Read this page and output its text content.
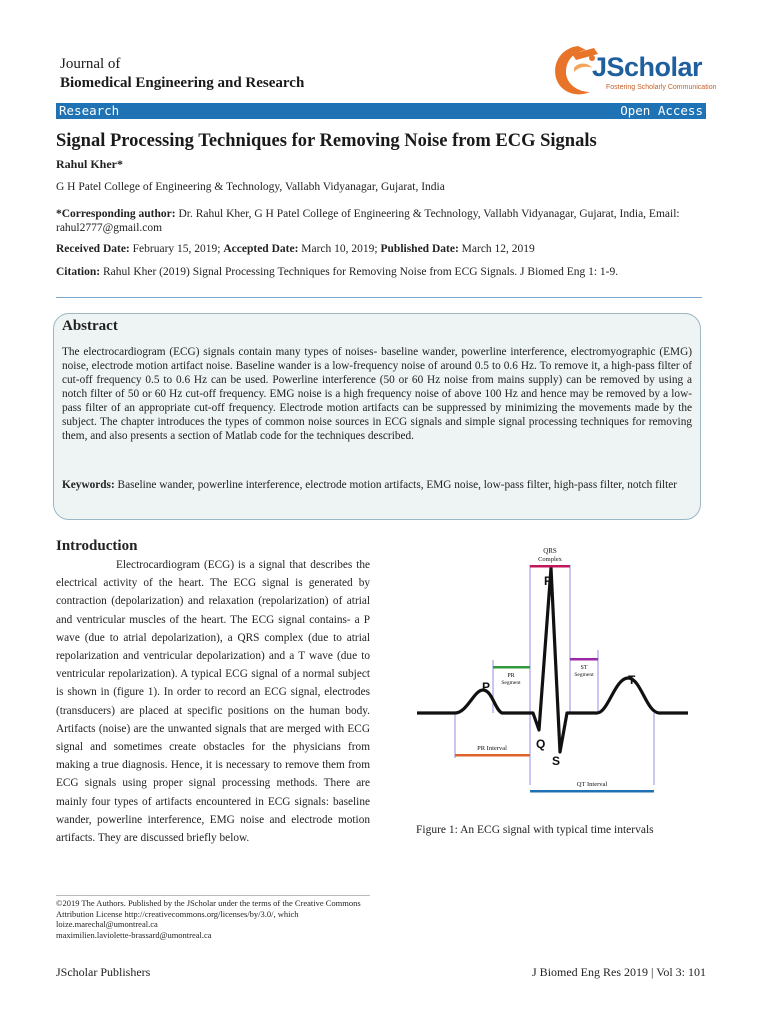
Journal of
Biomedical Engineering and Research
JScholar
Fostering Scholarly Communication
Research	Open Access
Signal Processing Techniques for Removing Noise from ECG Signals
Rahul Kher*
G H Patel College of Engineering & Technology, Vallabh Vidyanagar, Gujarat, India
*Corresponding author: Dr. Rahul Kher, G H Patel College of Engineering & Technology, Vallabh Vidyanagar, Gujarat, India, Email: rahul2777@gmail.com
Received Date: February 15, 2019; Accepted Date: March 10, 2019; Published Date: March 12, 2019
Citation: Rahul Kher (2019) Signal Processing Techniques for Removing Noise from ECG Signals. J Biomed Eng 1: 1-9.
Abstract
The electrocardiogram (ECG) signals contain many types of noises- baseline wander, powerline interference, electromyographic (EMG) noise, electrode motion artifact noise. Baseline wander is a low-frequency noise of around 0.5 to 0.6 Hz. To remove it, a high-pass filter of cut-off frequency 0.5 to 0.6 Hz can be used. Powerline interference (50 or 60 Hz noise from mains supply) can be removed by using a notch filter of 50 or 60 Hz cut-off frequency. EMG noise is a high frequency noise of above 100 Hz and hence may be removed by a low-pass filter of an appropriate cut-off frequency. Electrode motion artifacts can be suppressed by minimizing the movements made by the subject. The chapter introduces the types of common noise sources in ECG signals and simple signal processing techniques for removing them, and also presents a section of Matlab code for the techniques described.
Keywords: Baseline wander, powerline interference, electrode motion artifacts, EMG noise, low-pass filter, high-pass filter, notch filter
Introduction
Electrocardiogram (ECG) is a signal that describes the electrical activity of the heart. The ECG signal is generated by contraction (depolarization) and relaxation (repolarization) of atrial and ventricular muscles of the heart. The ECG signal contains- a P wave (due to atrial depolarization), a QRS complex (due to atrial repolarization and ventricular depolarization) and a T wave (due to ventricular repolarization). A typical ECG signal of a normal subject is shown in (figure 1). In order to record an ECG signal, electrodes (transducers) are placed at specific positions on the human body. Artifacts (noise) are the unwanted signals that are merged with ECG signal and sometimes create obstacles for the physicians from making a true diagnosis. Hence, it is necessary to remove them from ECG signals using proper signal processing methods. There are mainly four types of artifacts encountered in ECG signals: baseline wander, powerline interference, EMG noise and electrode motion artifacts. They are discussed briefly below.
QRS
Complex
PR
Segment
ST
Segment
PR Interval
QT Interval
R
P
Q
S
T
Figure 1: An ECG signal with typical time intervals
©2019 The Authors. Published by the JScholar under the terms of the Creative Commons Attribution License http://creativecommons.org/licenses/by/3.0/, which loize.marechal@umontreal.ca
maximilien.laviolette-brassard@umontreal.ca
JScholar Publishers	J Biomed Eng Res 2019 | Vol 3: 101
